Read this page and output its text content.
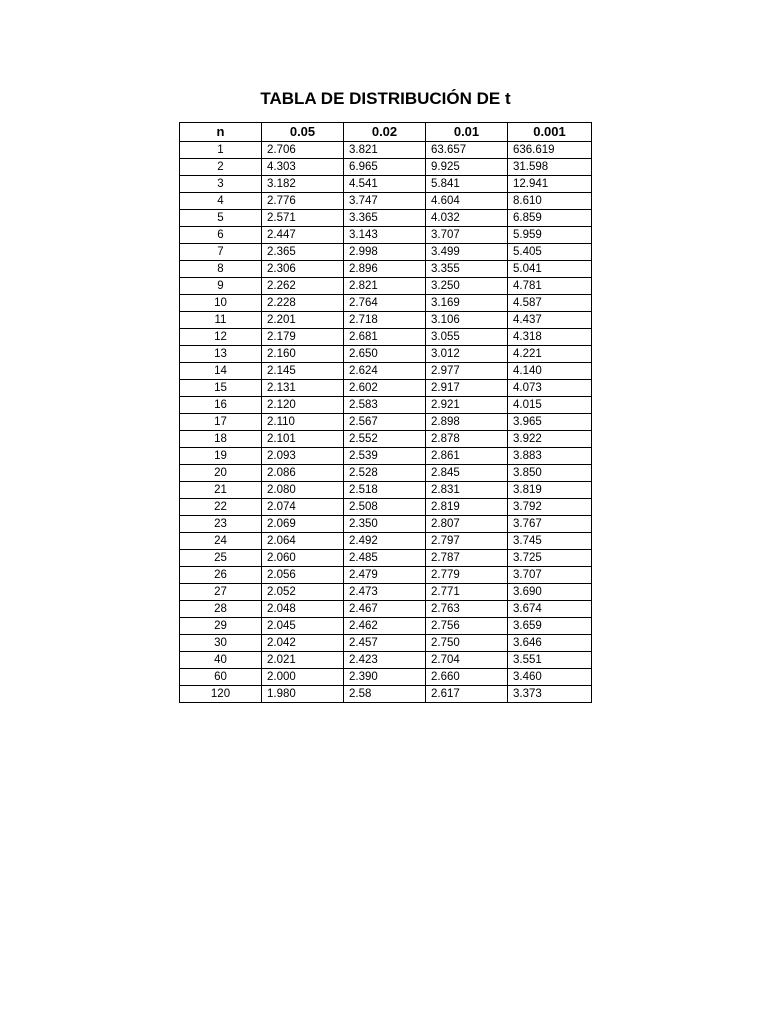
TABLA DE DISTRIBUCIÓN DE t
n	0.05	0.02	0.01	0.001
1	2.706	3.821	63.657	636.619
2	4.303	6.965	9.925	31.598
3	3.182	4.541	5.841	12.941
4	2.776	3.747	4.604	8.610
5	2.571	3.365	4.032	6.859
6	2.447	3.143	3.707	5.959
7	2.365	2.998	3.499	5.405
8	2.306	2.896	3.355	5.041
9	2.262	2.821	3.250	4.781
10	2.228	2.764	3.169	4.587
11	2.201	2.718	3.106	4.437
12	2.179	2.681	3.055	4.318
13	2.160	2.650	3.012	4.221
14	2.145	2.624	2.977	4.140
15	2.131	2.602	2.917	4.073
16	2.120	2.583	2.921	4.015
17	2.110	2.567	2.898	3.965
18	2.101	2.552	2.878	3.922
19	2.093	2.539	2.861	3.883
20	2.086	2.528	2.845	3.850
21	2.080	2.518	2.831	3.819
22	2.074	2.508	2.819	3.792
23	2.069	2.350	2.807	3.767
24	2.064	2.492	2.797	3.745
25	2.060	2.485	2.787	3.725
26	2.056	2.479	2.779	3.707
27	2.052	2.473	2.771	3.690
28	2.048	2.467	2.763	3.674
29	2.045	2.462	2.756	3.659
30	2.042	2.457	2.750	3.646
40	2.021	2.423	2.704	3.551
60	2.000	2.390	2.660	3.460
120	1.980	2.58	2.617	3.373
